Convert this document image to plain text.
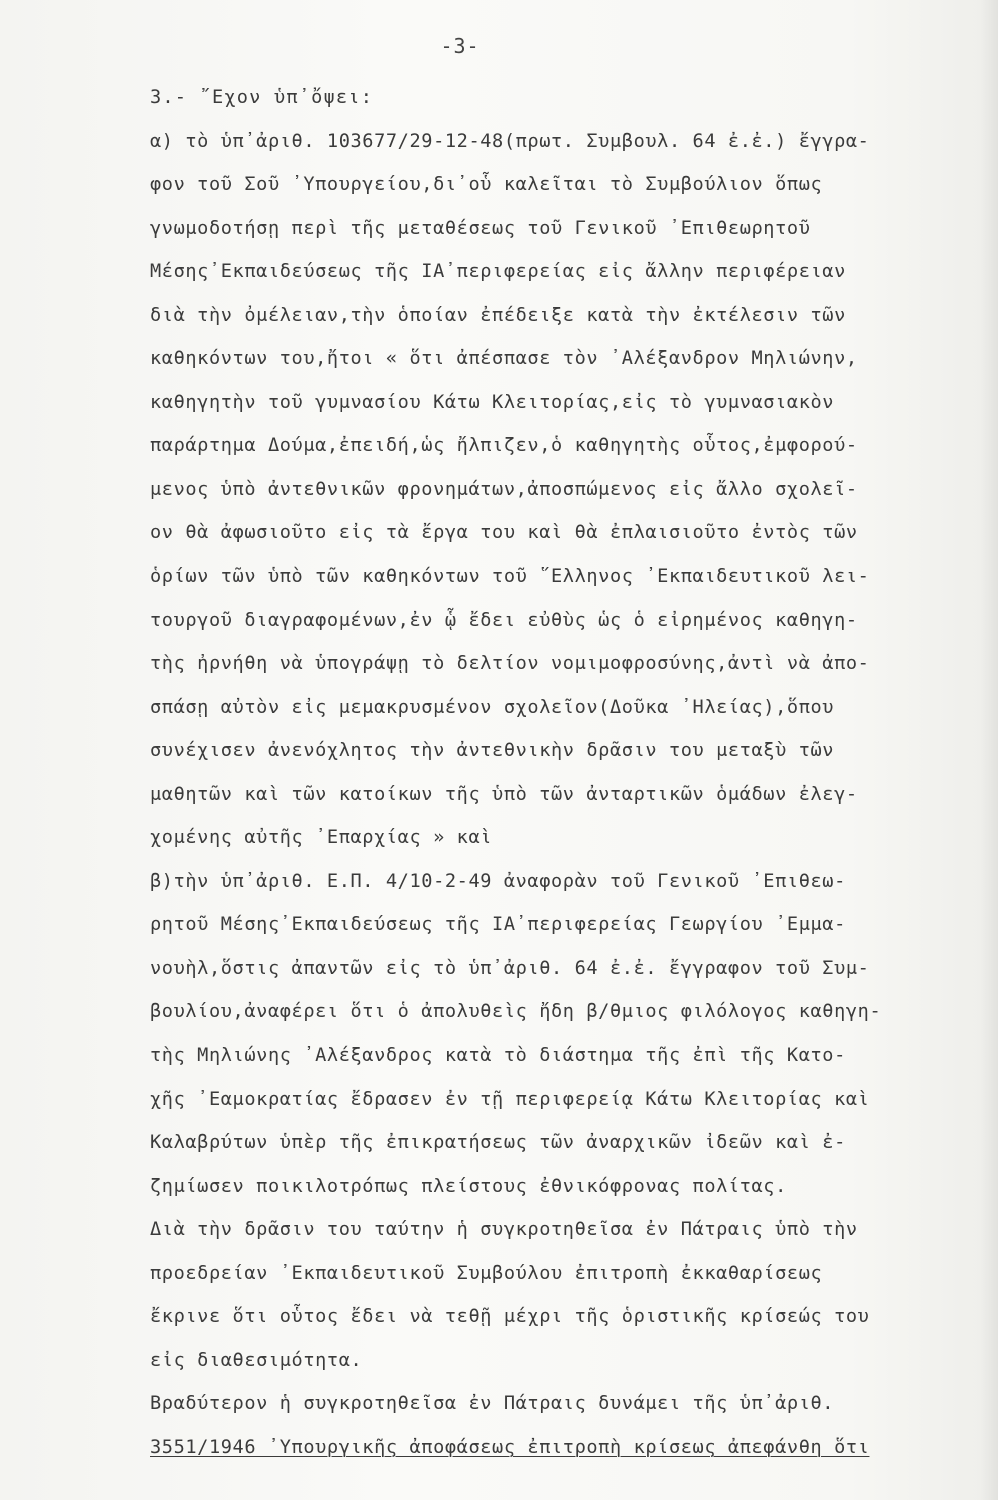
-3-
3.- ῎Εχον ὑπ᾽ὄψει:
α) τὸ ὑπ᾽ἀριθ. 103677/29-12-48(πρωτ. Συμβουλ. 64 ἐ.ἐ.) ἔγγρα-
φον τοῦ Σοῦ ᾽Υπουργείου,δι᾽οὗ καλεῖται τὸ Συμβούλιον ὅπως
γνωμοδοτήσῃ περὶ τῆς μεταθέσεως τοῦ Γενικοῦ ᾽Επιθεωρητοῦ
Μέσης᾽Εκπαιδεύσεως τῆς ΙΑ᾽περιφερείας εἰς ἄλλην περιφέρειαν
διὰ τὴν ὀμέλειαν,τὴν ὁποίαν ἐπέδειξε κατὰ τὴν ἐκτέλεσιν τῶν
καθηκόντων του,ἤτοι « ὅτι ἀπέσπασε τὸν ᾽Αλέξανδρον Μηλιώνην,
καθηγητὴν τοῦ γυμνασίου Κάτω Κλειτορίας,εἰς τὸ γυμνασιακὸν
παράρτημα Δούμα,ἐπειδή,ὡς ἤλπιζεν,ὁ καθηγητὴς οὗτος,ἐμφορού-
μενος ὑπὸ ἀντεθνικῶν φρονημάτων,ἀποσπώμενος εἰς ἄλλο σχολεῖ-
ον θὰ ἀφωσιοῦτο εἰς τὰ ἔργα του καὶ θὰ ἐπλαισιοῦτο ἐντὸς τῶν
ὁρίων τῶν ὑπὸ τῶν καθηκόντων τοῦ ῞Ελληνος ᾽Εκπαιδευτικοῦ λει-
τουργοῦ διαγραφομένων,ἐν ᾧ ἔδει εὐθὺς ὡς ὁ εἰρημένος καθηγη-
τὴς ἠρνήθη νὰ ὑπογράψῃ τὸ δελτίον νομιμοφροσύνης,ἀντὶ νὰ ἀπο-
σπάσῃ αὐτὸν εἰς μεμακρυσμένον σχολεῖον(Δοῦκα ᾽Ηλείας),ὅπου
συνέχισεν ἀνενόχλητος τὴν ἀντεθνικὴν δρᾶσιν του μεταξὺ τῶν
μαθητῶν καὶ τῶν κατοίκων τῆς ὑπὸ τῶν ἀνταρτικῶν ὁμάδων ἐλεγ-
χομένης αὐτῆς ᾽Επαρχίας » καὶ
β)τὴν ὑπ᾽ἀριθ. Ε.Π. 4/10-2-49 ἀναφορὰν τοῦ Γενικοῦ ᾽Επιθεω-
ρητοῦ Μέσης᾽Εκπαιδεύσεως τῆς ΙΑ᾽περιφερείας Γεωργίου ᾽Εμμα-
νουὴλ,ὅστις ἀπαντῶν εἰς τὸ ὑπ᾽ἀριθ. 64 ἐ.ἐ. ἔγγραφον τοῦ Συμ-
βουλίου,ἀναφέρει ὅτι ὁ ἀπολυθεὶς ἤδη β/θμιος φιλόλογος καθηγη-
τὴς Μηλιώνης ᾽Αλέξανδρος κατὰ τὸ διάστημα τῆς ἐπὶ τῆς Κατο-
χῆς ᾽Εαμοκρατίας ἔδρασεν ἐν τῇ περιφερείᾳ Κάτω Κλειτορίας καὶ
Καλαβρύτων ὑπὲρ τῆς ἐπικρατήσεως τῶν ἀναρχικῶν ἰδεῶν καὶ ἐ-
ζημίωσεν ποικιλοτρόπως πλείστους ἐθνικόφρονας πολίτας.
Διὰ τὴν δρᾶσιν του ταύτην ἡ συγκροτηθεῖσα ἐν Πάτραις ὑπὸ τὴν
προεδρείαν ᾽Εκπαιδευτικοῦ Συμβούλου ἐπιτροπὴ ἐκκαθαρίσεως
ἔκρινε ὅτι οὗτος ἔδει νὰ τεθῇ μέχρι τῆς ὁριστικῆς κρίσεώς του
εἰς διαθεσιμότητα.
Βραδύτερον ἡ συγκροτηθεῖσα ἐν Πάτραις δυνάμει τῆς ὑπ᾽ἀριθ.
3551/1946 ᾽Υπουργικῆς ἀποφάσεως ἐπιτροπὴ κρίσεως ἀπεφάνθη ὅτι
